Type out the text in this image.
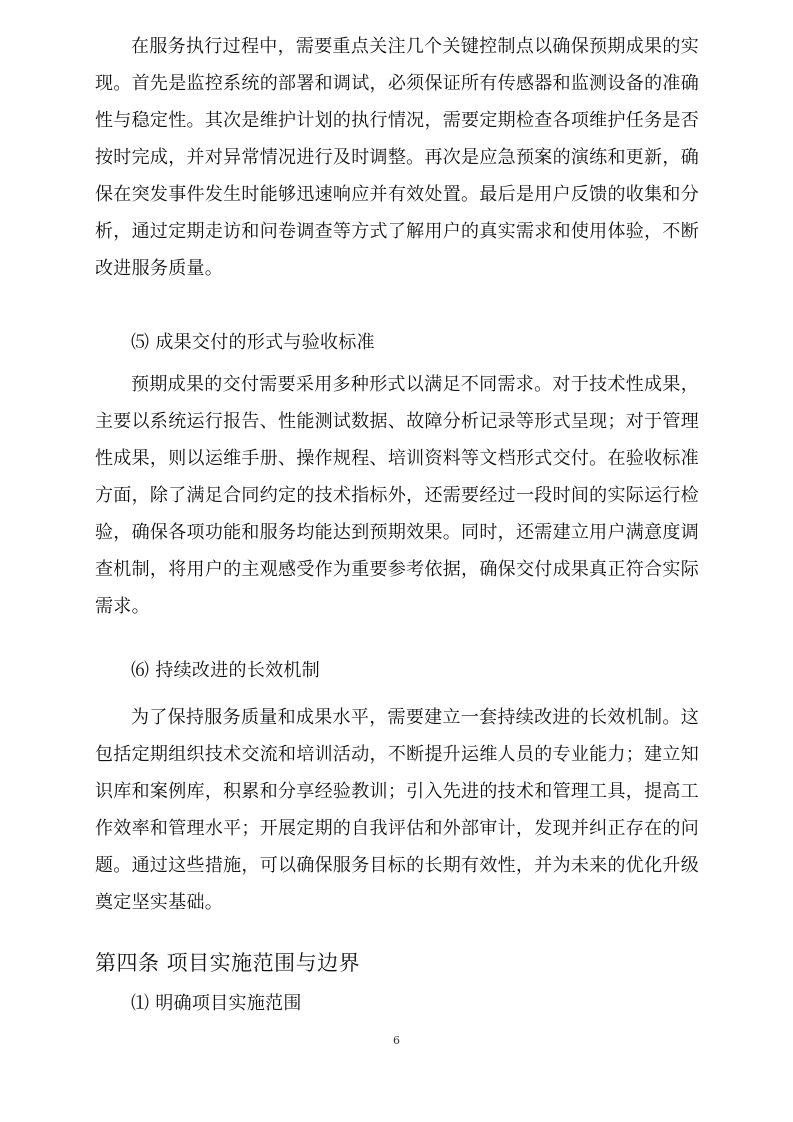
在服务执行过程中，需要重点关注几个关键控制点以确保预期成果的实现。首先是监控系统的部署和调试，必须保证所有传感器和监测设备的准确性与稳定性。其次是维护计划的执行情况，需要定期检查各项维护任务是否按时完成，并对异常情况进行及时调整。再次是应急预案的演练和更新，确保在突发事件发生时能够迅速响应并有效处置。最后是用户反馈的收集和分析，通过定期走访和问卷调查等方式了解用户的真实需求和使用体验，不断改进服务质量。

⑸ 成果交付的形式与验收标准

预期成果的交付需要采用多种形式以满足不同需求。对于技术性成果，主要以系统运行报告、性能测试数据、故障分析记录等形式呈现；对于管理性成果，则以运维手册、操作规程、培训资料等文档形式交付。在验收标准方面，除了满足合同约定的技术指标外，还需要经过一段时间的实际运行检验，确保各项功能和服务均能达到预期效果。同时，还需建立用户满意度调查机制，将用户的主观感受作为重要参考依据，确保交付成果真正符合实际需求。

⑹ 持续改进的长效机制

为了保持服务质量和成果水平，需要建立一套持续改进的长效机制。这包括定期组织技术交流和培训活动，不断提升运维人员的专业能力；建立知识库和案例库，积累和分享经验教训；引入先进的技术和管理工具，提高工作效率和管理水平；开展定期的自我评估和外部审计，发现并纠正存在的问题。通过这些措施，可以确保服务目标的长期有效性，并为未来的优化升级奠定坚实基础。

第四条 项目实施范围与边界

⑴ 明确项目实施范围

6
